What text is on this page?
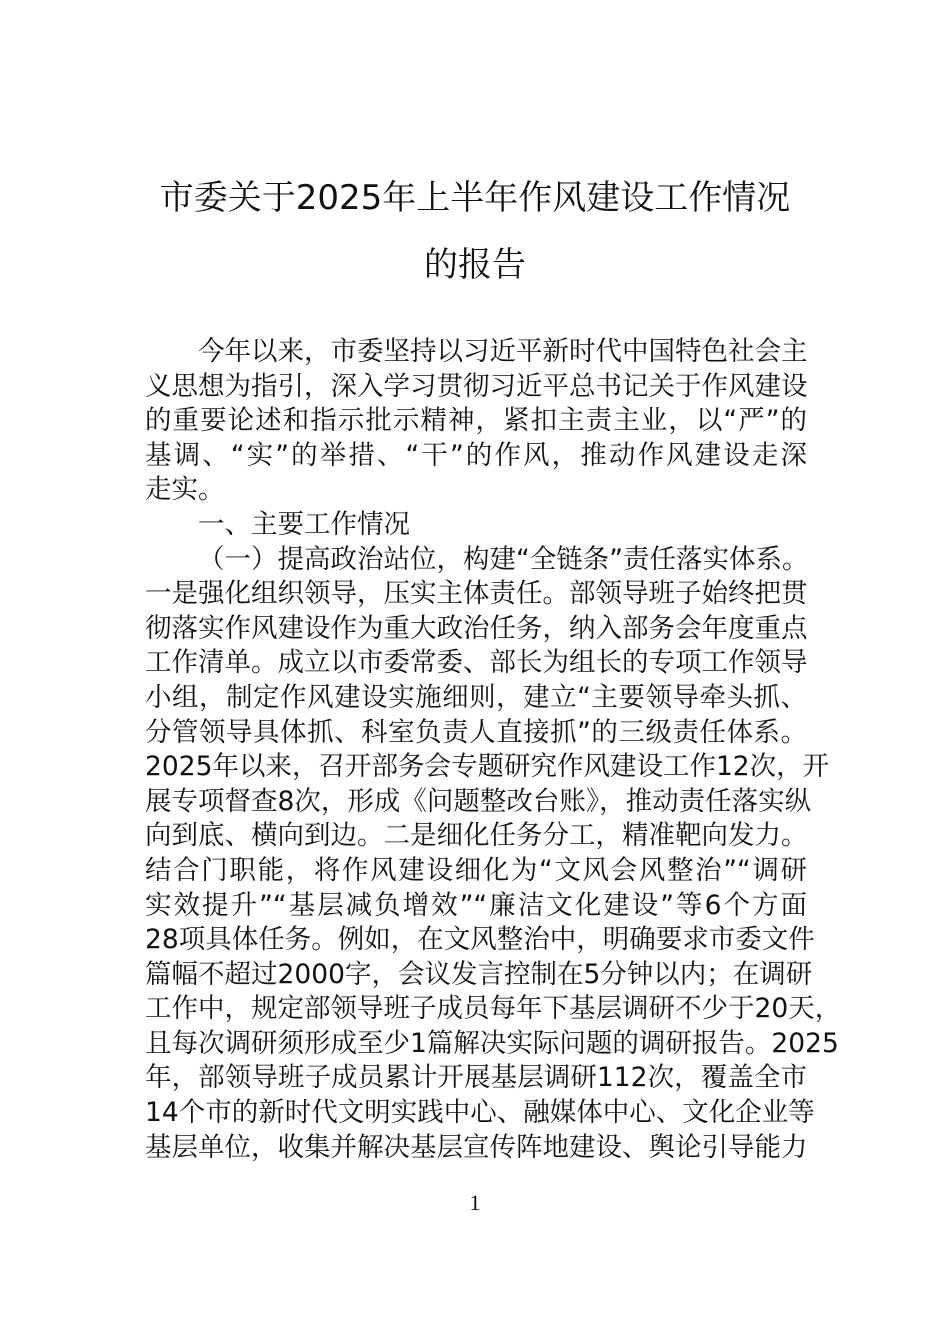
市委关于2025年上半年作风建设工作情况
的报告
今年以来，市委坚持以习近平新时代中国特色社会主
义思想为指引，深入学习贯彻习近平总书记关于作风建设
的重要论述和指示批示精神，紧扣主责主业，以“严”的
基调、“实”的举措、“干”的作风，推动作风建设走深
走实。
一、主要工作情况
（一）提高政治站位，构建“全链条”责任落实体系。
一是强化组织领导，压实主体责任。部领导班子始终把贯
彻落实作风建设作为重大政治任务，纳入部务会年度重点
工作清单。成立以市委常委、部长为组长的专项工作领导
小组，制定作风建设实施细则，建立“主要领导牵头抓、
分管领导具体抓、科室负责人直接抓”的三级责任体系。
2025年以来，召开部务会专题研究作风建设工作12次，开
展专项督查8次，形成《问题整改台账》，推动责任落实纵
向到底、横向到边。二是细化任务分工，精准靶向发力。
结合门职能，将作风建设细化为“文风会风整治”“调研
实效提升”“基层减负增效”“廉洁文化建设”等6个方面
28项具体任务。例如，在文风整治中，明确要求市委文件
篇幅不超过2000字，会议发言控制在5分钟以内；在调研
工作中，规定部领导班子成员每年下基层调研不少于20天，
且每次调研须形成至少1篇解决实际问题的调研报告。2025
年，部领导班子成员累计开展基层调研112次，覆盖全市
14个市的新时代文明实践中心、融媒体中心、文化企业等
基层单位，收集并解决基层宣传阵地建设、舆论引导能力
1
